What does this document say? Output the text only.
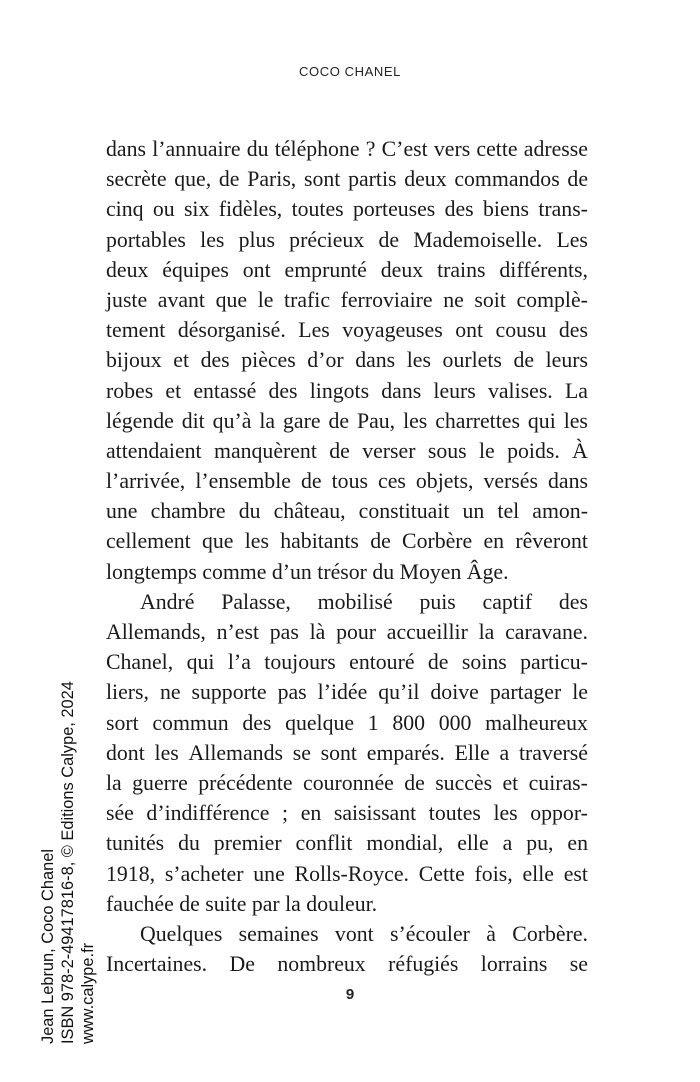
COCO CHANEL
dans l’annuaire du téléphone ? C’est vers cette adresse
secrète que, de Paris, sont partis deux commandos de
cinq ou six fidèles, toutes porteuses des biens trans-
portables les plus précieux de Mademoiselle. Les
deux équipes ont emprunté deux trains différents,
juste avant que le trafic ferroviaire ne soit complè-
tement désorganisé. Les voyageuses ont cousu des
bijoux et des pièces d’or dans les ourlets de leurs
robes et entassé des lingots dans leurs valises. La
légende dit qu’à la gare de Pau, les charrettes qui les
attendaient manquèrent de verser sous le poids. À
l’arrivée, l’ensemble de tous ces objets, versés dans
une chambre du château, constituait un tel amon-
cellement que les habitants de Corbère en rêveront
longtemps comme d’un trésor du Moyen Âge.
André Palasse, mobilisé puis captif des
Allemands, n’est pas là pour accueillir la caravane.
Chanel, qui l’a toujours entouré de soins particu-
liers, ne supporte pas l’idée qu’il doive partager le
sort commun des quelque 1 800 000 malheureux
dont les Allemands se sont emparés. Elle a traversé
la guerre précédente couronnée de succès et cuiras-
sée d’indifférence ; en saisissant toutes les oppor-
tunités du premier conflit mondial, elle a pu, en
1918, s’acheter une Rolls-Royce. Cette fois, elle est
fauchée de suite par la douleur.
Quelques semaines vont s’écouler à Corbère.
Incertaines. De nombreux réfugiés lorrains se
9
Jean Lebrun, Coco Chanel ISBN 978-2-49417816-8, © Editions Calype, 2024 www.calype.fr
